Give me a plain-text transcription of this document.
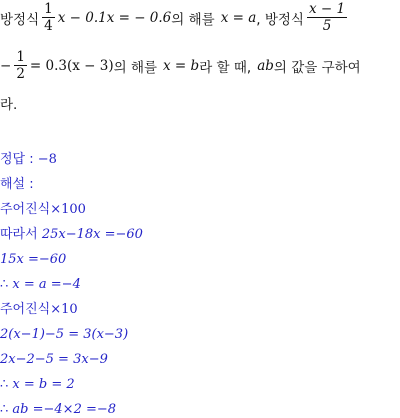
방정식 $\frac{1}{4}$ x − 0.1x = − 0.6 의 해를 x = a , 방정식 $\frac{x - 1}{5}$
− $\frac{1}{2} = 0.3(x - 3)$ 의 해를 x = b 라 할 때, ab 의 값을 구하여
라.
정답 : −8
해설 :
주어진식×100
따라서 25x−18x =−60
15x =−60
∴ x = a =−4
주어진식×10
2(x−1)−5 = 3(x−3)
2x−2−5 = 3x−9
∴ x = b = 2
∴ ab =−4×2 =−8
